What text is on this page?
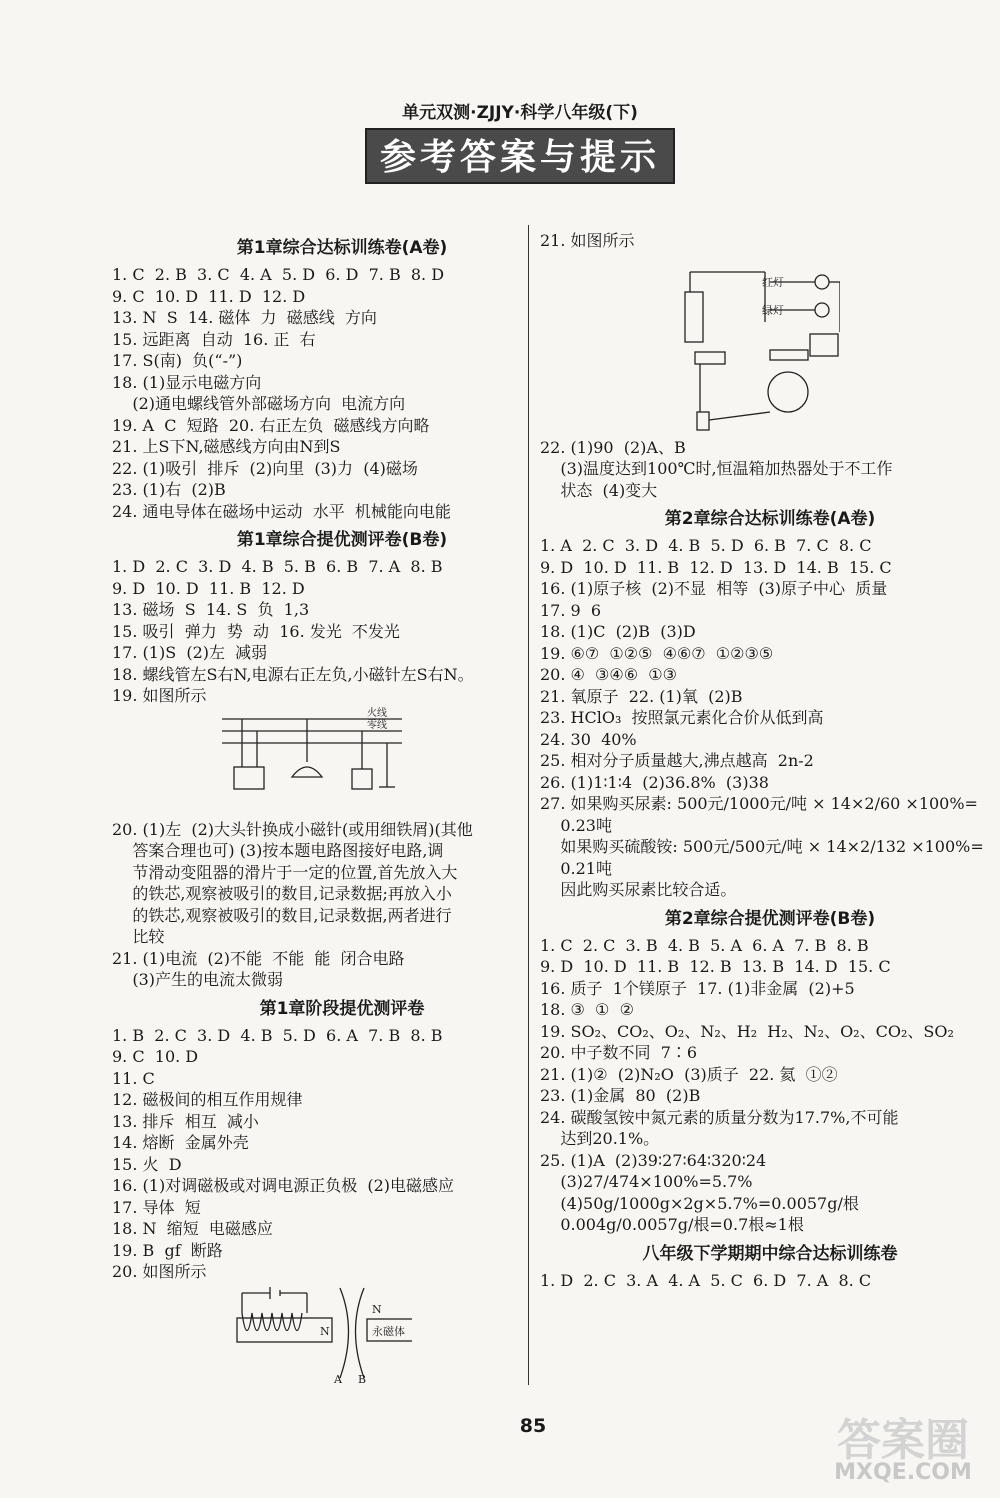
单元双测·ZJJY·科学八年级(下)
参考答案与提示
第1章综合达标训练卷(A卷)
1. C  2. B  3. C  4. A  5. D  6. D  7. B  8. D
9. C  10. D  11. D  12. D
13. N  S  14. 磁体  力  磁感线  方向
15. 远距离  自动  16. 正  右
17. S(南)  负(“-”)
18. (1)显示电磁方向
(2)通电螺线管外部磁场方向  电流方向
19. A  C  短路  20. 右正左负  磁感线方向略
21. 上S下N,磁感线方向由N到S
22. (1)吸引  排斥  (2)向里  (3)力  (4)磁场
23. (1)右  (2)B
24. 通电导体在磁场中运动  水平  机械能向电能
第1章综合提优测评卷(B卷)
1. D  2. C  3. D  4. B  5. B  6. B  7. A  8. B
9. D  10. D  11. B  12. D
13. 磁场  S  14. S  负  1,3
15. 吸引  弹力  势  动  16. 发光  不发光
17. (1)S  (2)左  减弱
18. 螺线管左S右N,电源右正左负,小磁针左S右N。
19. 如图所示
火线
零线
20. (1)左  (2)大头针换成小磁针(或用细铁屑)(其他
答案合理也可) (3)按本题电路图接好电路,调
节滑动变阻器的滑片于一定的位置,首先放入大
的铁芯,观察被吸引的数目,记录数据;再放入小
的铁芯,观察被吸引的数目,记录数据,两者进行
比较
21. (1)电流  (2)不能  不能  能  闭合电路
(3)产生的电流太微弱
第1章阶段提优测评卷
1. B  2. C  3. D  4. B  5. D  6. A  7. B  8. B
9. C  10. D
11. C
12. 磁极间的相互作用规律
13. 排斥  相互  减小
14. 熔断  金属外壳
15. 火  D
16. (1)对调磁极或对调电源正负极  (2)电磁感应
17. 导体  短
18. N  缩短  电磁感应
19. B  gf  断路
20. 如图所示
N
N
永磁体
A B
21. 如图所示
红灯
绿灯
22. (1)90  (2)A、B
(3)温度达到100℃时,恒温箱加热器处于不工作
状态  (4)变大
第2章综合达标训练卷(A卷)
1. A  2. C  3. D  4. B  5. D  6. B  7. C  8. C
9. D  10. D  11. B  12. D  13. D  14. B  15. C
16. (1)原子核  (2)不显  相等  (3)原子中心  质量
17. 9  6
18. (1)C  (2)B  (3)D
19. ⑥⑦  ①②⑤  ④⑥⑦  ①②③⑤
20. ④  ③④⑥  ①③
21. 氧原子  22. (1)氧  (2)B
23. HClO₃  按照氯元素化合价从低到高
24. 30  40%
25. 相对分子质量越大,沸点越高  2n-2
26. (1)1∶1∶4  (2)36.8%  (3)38
27. 如果购买尿素: 500元/1000元/吨 × 14×2/60 ×100%=
0.23吨
如果购买硫酸铵: 500元/500元/吨 × 14×2/132 ×100%=
0.21吨
因此购买尿素比较合适。
第2章综合提优测评卷(B卷)
1. C  2. C  3. B  4. B  5. A  6. A  7. B  8. B
9. D  10. D  11. B  12. B  13. B  14. D  15. C
16. 质子  1个镁原子  17. (1)非金属  (2)+5
18. ③  ①  ②
19. SO₂、CO₂、O₂、N₂、H₂  H₂、N₂、O₂、CO₂、SO₂
20. 中子数不同  7∶6
21. (1)②  (2)N₂O  (3)质子  22. 氦  ①②
23. (1)金属  80  (2)B
24. 碳酸氢铵中氮元素的质量分数为17.7%,不可能
达到20.1%。
25. (1)A  (2)39∶27∶64∶320∶24
(3)27/474×100%=5.7%
(4)50g/1000g×2g×5.7%=0.0057g/根
0.004g/0.0057g/根=0.7根≈1根
八年级下学期期中综合达标训练卷
1. D  2. C  3. A  4. A  5. C  6. D  7. A  8. C
85	答案圈
MXQE.COM
